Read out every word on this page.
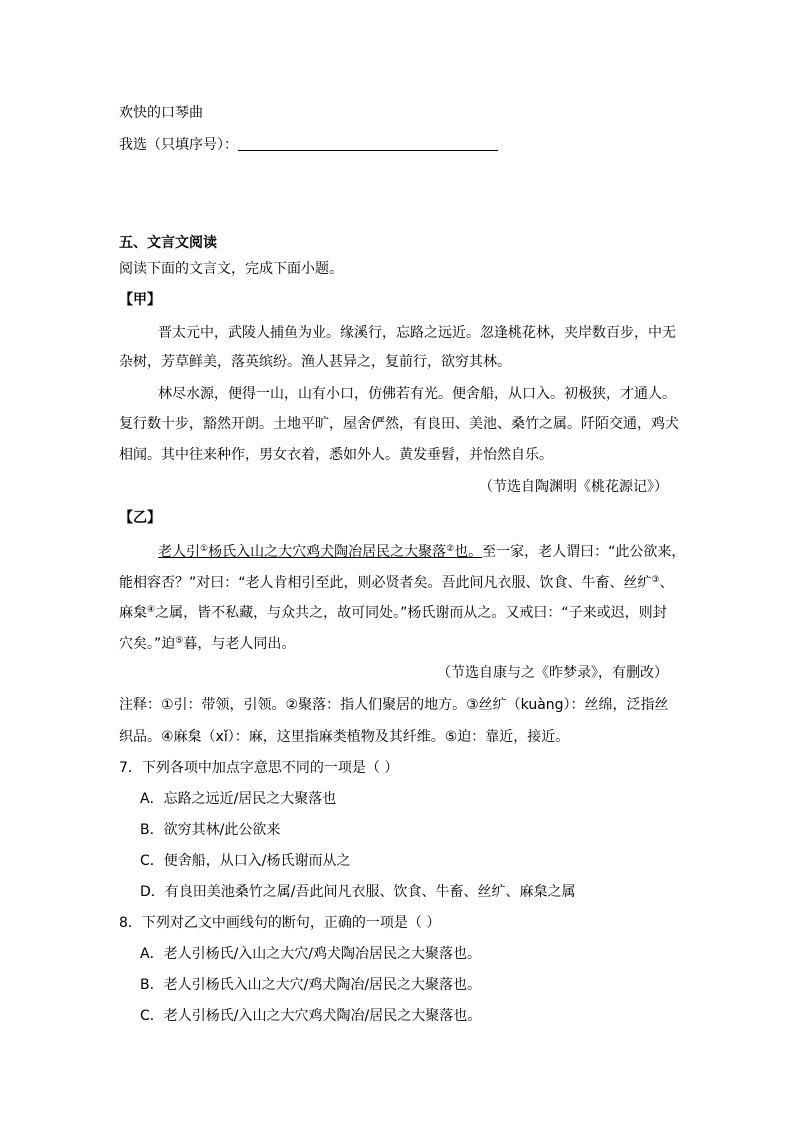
欢快的口琴曲
我选（只填序号）：
五、文言文阅读
阅读下面的文言文，完成下面小题。
【甲】
晋太元中，武陵人捕鱼为业。缘溪行，忘路之远近。忽逢桃花林，夹岸数百步，中无
杂树，芳草鲜美，落英缤纷。渔人甚异之，复前行，欲穷其林。
林尽水源，便得一山，山有小口，仿佛若有光。便舍船，从口入。初极狭，才通人。
复行数十步，豁然开朗。土地平旷，屋舍俨然，有良田、美池、桑竹之属。阡陌交通，鸡犬
相闻。其中往来种作，男女衣着，悉如外人。黄发垂髫，并怡然自乐。
（节选自陶渊明《桃花源记》）
【乙】
老人引①杨氏入山之大穴鸡犬陶冶居民之大聚落②也。至一家，老人谓曰：“此公欲来，
能相容否？”对曰：“老人肯相引至此，则必贤者矣。吾此间凡衣服、饮食、牛畜、丝纩③、
麻枲④之属，皆不私藏，与众共之，故可同处。”杨氏谢而从之。又戒曰：“子来或迟，则封
穴矣。”迫⑤暮，与老人同出。
（节选自康与之《昨梦录》，有删改）
注释：①引：带领，引领。②聚落：指人们聚居的地方。③丝纩（kuàng）：丝绵，泛指丝
织品。④麻枲（xǐ）：麻，这里指麻类植物及其纤维。⑤迫：靠近，接近。
7．下列各项中加点字意思不同的一项是（ ）
A．忘路之远近/居民之大聚落也
B．欲穷其林/此公欲来
C．便舍船，从口入/杨氏谢而从之
D．有良田美池桑竹之属/吾此间凡衣服、饮食、牛畜、丝纩、麻枲之属
8．下列对乙文中画线句的断句，正确的一项是（ ）
A．老人引杨氏/入山之大穴/鸡犬陶冶居民之大聚落也。
B．老人引杨氏入山之大穴/鸡犬陶冶/居民之大聚落也。
C．老人引杨氏/入山之大穴鸡犬陶冶/居民之大聚落也。
